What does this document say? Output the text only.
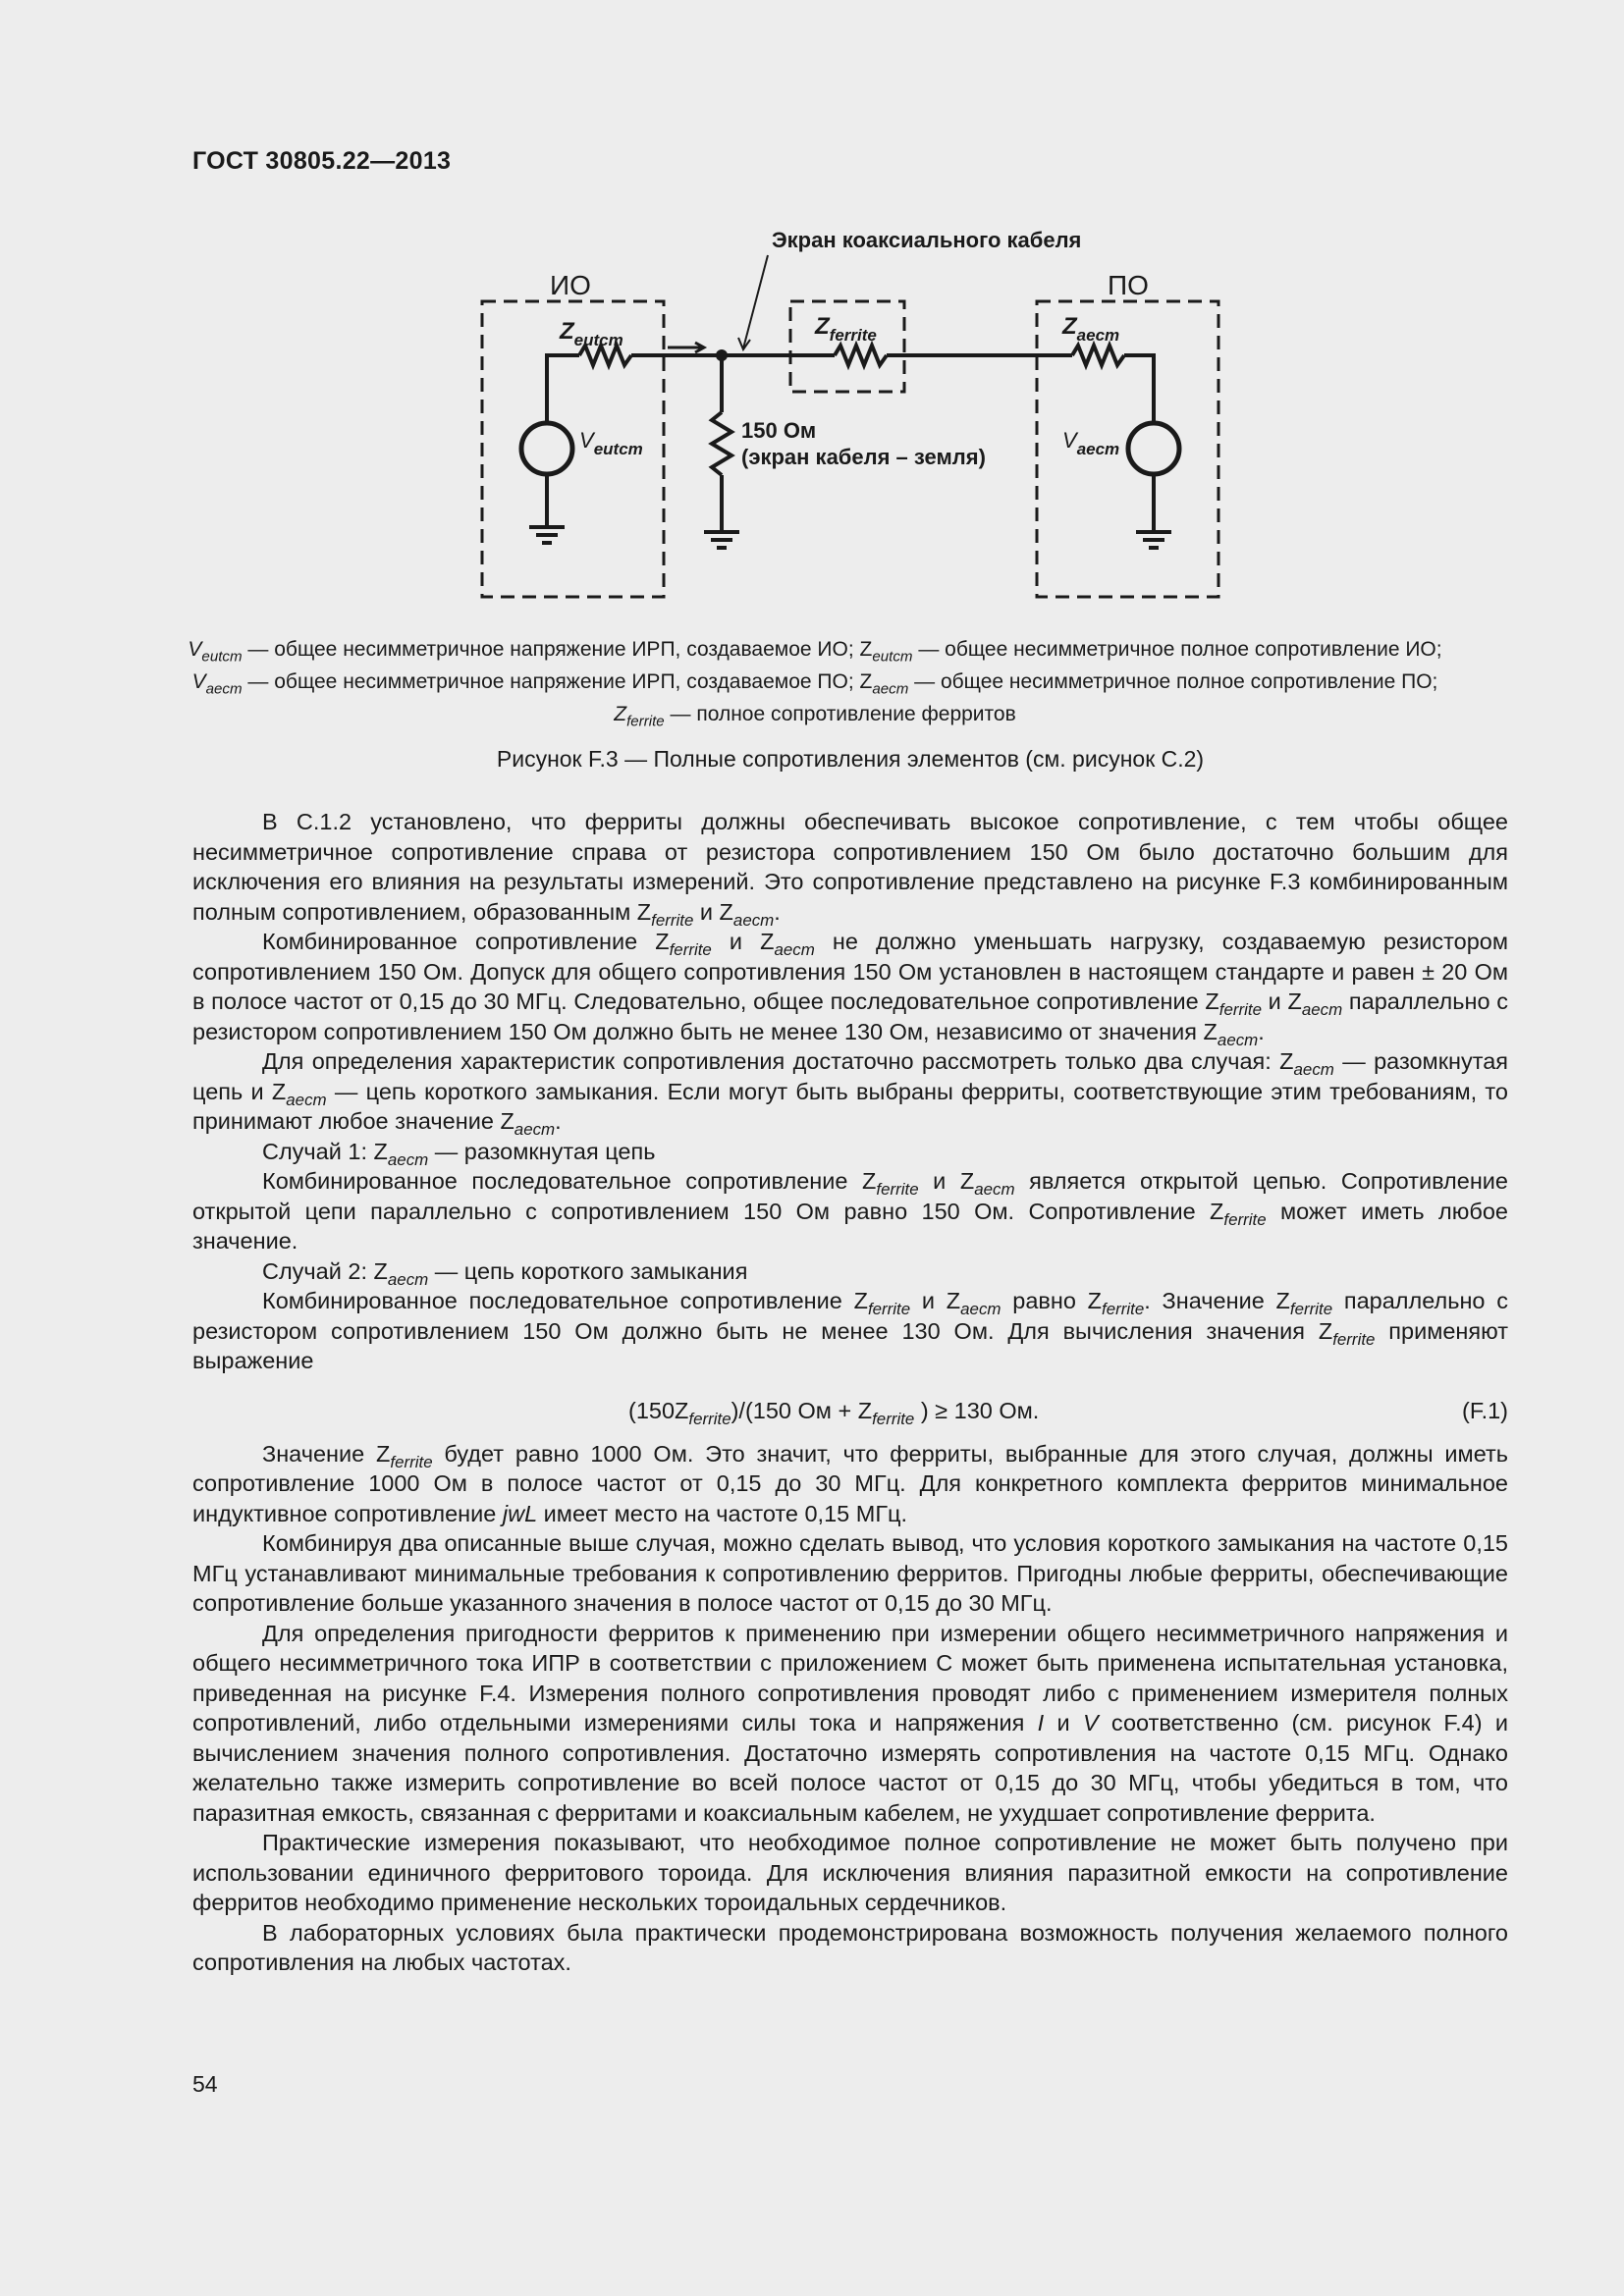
ГОСТ 30805.22—2013
Экран коаксиального кабеля
ИО	ПО
$Z_{eutcm}$
$Z_{ferrite}$	$Z_{aecm}$
$V_{eutcm}$	$V_{aecm}$
150 Ом
(экран кабеля – земля)
$V_{eutcm}$ — общее несимметричное напряжение ИРП, создаваемое ИО; $Z_{eutcm}$ — общее несимметричное полное сопротивление ИО;
$V_{aecm}$ — общее несимметричное напряжение ИРП, создаваемое ПО; $Z_{aecm}$ — общее несимметричное полное сопротивление ПО;
$Z_{ferrite}$ — полное сопротивление ферритов
Рисунок F.3 — Полные сопротивления элементов (см. рисунок С.2)

В С.1.2 установлено, что ферриты должны обеспечивать высокое сопротивление, с тем чтобы общее несимметричное сопротивление справа от резистора сопротивлением 150 Ом было достаточно большим для исключения его влияния на результаты измерений. Это сопротивление представлено на рисунке F.3 комбинированным полным сопротивлением, образованным $Z_{ferrite}$ и $Z_{aecm}$.

Комбинированное сопротивление $Z_{ferrite}$ и $Z_{aecm}$ не должно уменьшать нагрузку, создаваемую резистором сопротивлением 150 Ом. Допуск для общего сопротивления 150 Ом установлен в настоящем стандарте и равен ± 20 Ом в полосе частот от 0,15 до 30 МГц. Следовательно, общее последовательное сопротивление $Z_{ferrite}$ и $Z_{aecm}$ параллельно с резистором сопротивлением 150 Ом должно быть не менее 130 Ом, независимо от значения $Z_{aecm}$.

Для определения характеристик сопротивления достаточно рассмотреть только два случая: $Z_{aecm}$ — разомкнутая цепь и $Z_{aecm}$ — цепь короткого замыкания. Если могут быть выбраны ферриты, соответствующие этим требованиям, то принимают любое значение $Z_{aecm}$.

Случай 1: $Z_{aecm}$ — разомкнутая цепь

Комбинированное последовательное сопротивление $Z_{ferrite}$ и $Z_{aecm}$ является открытой цепью. Сопротивление открытой цепи параллельно с сопротивлением 150 Ом равно 150 Ом. Сопротивление $Z_{ferrite}$ может иметь любое значение.

Случай 2: $Z_{aecm}$ — цепь короткого замыкания

Комбинированное последовательное сопротивление $Z_{ferrite}$ и $Z_{aecm}$ равно $Z_{ferrite}$. Значение $Z_{ferrite}$ параллельно с резистором сопротивлением 150 Ом должно быть не менее 130 Ом. Для вычисления значения $Z_{ferrite}$ применяют выражение

$(150Z_{ferrite})/(150$ Ом + $Z_{ferrite}$ ) ≥ 130 Ом.	(F.1)

Значение $Z_{ferrite}$ будет равно 1000 Ом. Это значит, что ферриты, выбранные для этого случая, должны иметь сопротивление 1000 Ом в полосе частот от 0,15 до 30 МГц. Для конкретного комплекта ферритов минимальное индуктивное сопротивление jwL имеет место на частоте 0,15 МГц.

Комбинируя два описанные выше случая, можно сделать вывод, что условия короткого замыкания на частоте 0,15 МГц устанавливают минимальные требования к сопротивлению ферритов. Пригодны любые ферриты, обеспечивающие сопротивление больше указанного значения в полосе частот от 0,15 до 30 МГц.

Для определения пригодности ферритов к применению при измерении общего несимметричного напряжения и общего несимметричного тока ИПР в соответствии с приложением С может быть применена испытательная установка, приведенная на рисунке F.4. Измерения полного сопротивления проводят либо с применением измерителя полных сопротивлений, либо отдельными измерениями силы тока и напряжения I и V соответственно (см. рисунок F.4) и вычислением значения полного сопротивления. Достаточно измерять сопротивления на частоте 0,15 МГц. Однако желательно также измерить сопротивление во всей полосе частот от 0,15 до 30 МГц, чтобы убедиться в том, что паразитная емкость, связанная с ферритами и коаксиальным кабелем, не ухудшает сопротивление феррита.

Практические измерения показывают, что необходимое полное сопротивление не может быть получено при использовании единичного ферритового тороида. Для исключения влияния паразитной емкости на сопротивление ферритов необходимо применение нескольких тороидальных сердечников.

В лабораторных условиях была практически продемонстрирована возможность получения желаемого полного сопротивления на любых частотах.

54
